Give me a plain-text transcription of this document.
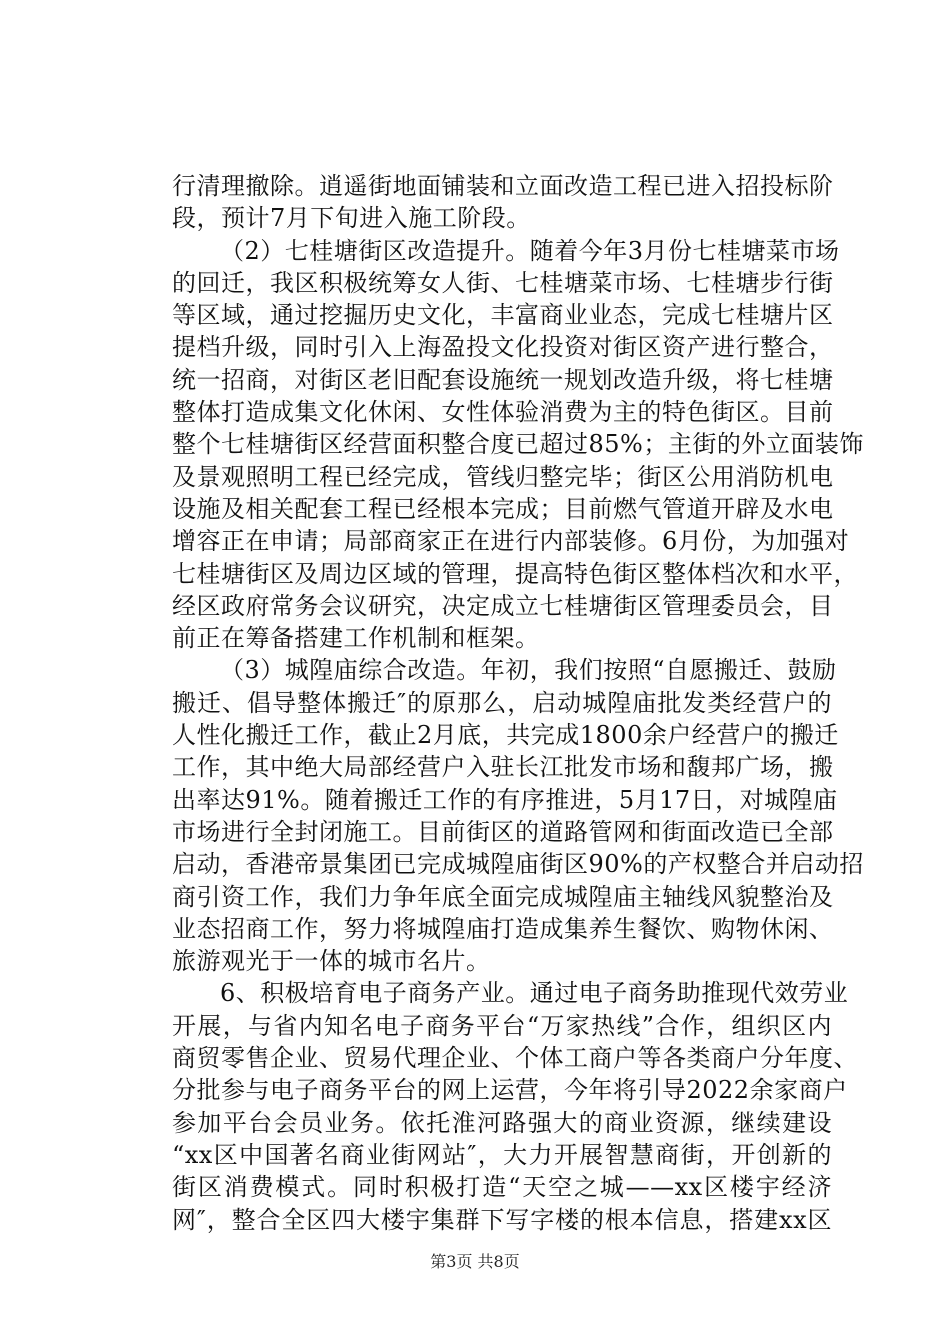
行清理撤除。逍遥街地面铺装和立面改造工程已进入招投标阶
段，预计7月下旬进入施工阶段。
（2）七桂塘街区改造提升。随着今年3月份七桂塘菜市场
的回迁，我区积极统筹女人街、七桂塘菜市场、七桂塘步行街
等区域，通过挖掘历史文化，丰富商业业态，完成七桂塘片区
提档升级，同时引入上海盈投文化投资对街区资产进行整合，
统一招商，对街区老旧配套设施统一规划改造升级，将七桂塘
整体打造成集文化休闲、女性体验消费为主的特色街区。目前
整个七桂塘街区经营面积整合度已超过85%；主街的外立面装饰
及景观照明工程已经完成，管线归整完毕；街区公用消防机电
设施及相关配套工程已经根本完成；目前燃气管道开辟及水电
增容正在申请；局部商家正在进行内部装修。6月份，为加强对
七桂塘街区及周边区域的管理，提高特色街区整体档次和水平，
经区政府常务会议研究，决定成立七桂塘街区管理委员会，目
前正在筹备搭建工作机制和框架。
（3）城隍庙综合改造。年初，我们按照“自愿搬迁、鼓励
搬迁、倡导整体搬迁″的原那么，启动城隍庙批发类经营户的
人性化搬迁工作，截止2月底，共完成1800余户经营户的搬迁
工作，其中绝大局部经营户入驻长江批发市场和馥邦广场，搬
出率达91%。随着搬迁工作的有序推进，5月17日，对城隍庙
市场进行全封闭施工。目前街区的道路管网和街面改造已全部
启动，香港帝景集团已完成城隍庙街区90%的产权整合并启动招
商引资工作，我们力争年底全面完成城隍庙主轴线风貌整治及
业态招商工作，努力将城隍庙打造成集养生餐饮、购物休闲、
旅游观光于一体的城市名片。
6、积极培育电子商务产业。通过电子商务助推现代效劳业
开展，与省内知名电子商务平台“万家热线”合作，组织区内
商贸零售企业、贸易代理企业、个体工商户等各类商户分年度、
分批参与电子商务平台的网上运营，今年将引导2022余家商户
参加平台会员业务。依托淮河路强大的商业资源，继续建设
“xx区中国著名商业街网站″，大力开展智慧商街，开创新的
街区消费模式。同时积极打造“天空之城——xx区楼宇经济
网″，整合全区四大楼宇集群下写字楼的根本信息，搭建xx区
第3页 共8页
